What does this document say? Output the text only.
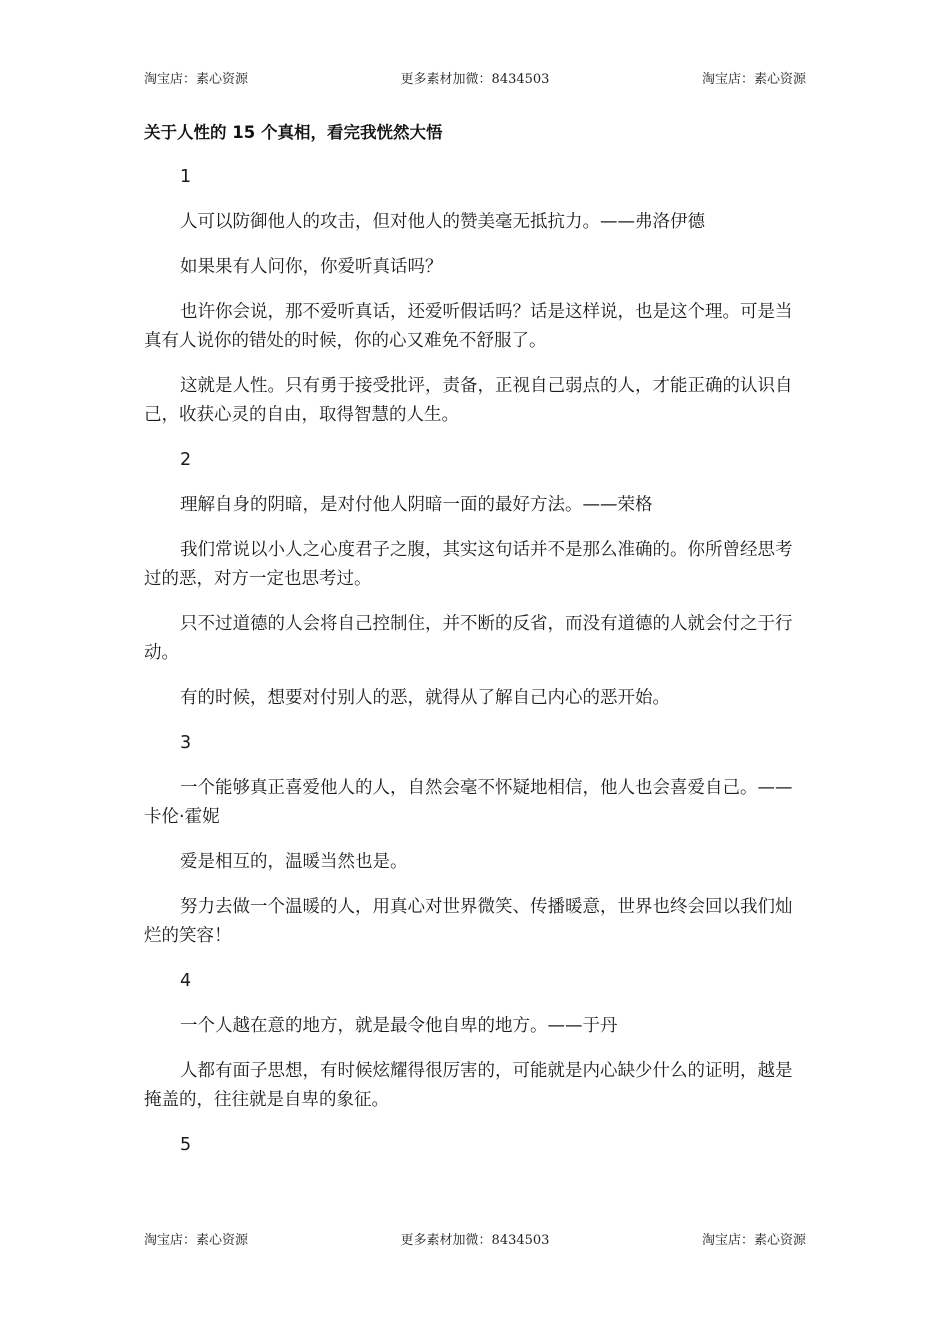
淘宝店：素心资源	更多素材加微：8434503	淘宝店：素心资源
关于人性的 15 个真相，看完我恍然大悟

1

人可以防御他人的攻击，但对他人的赞美毫无抵抗力。——弗洛伊德

如果果有人问你，你爱听真话吗？

也许你会说，那不爱听真话，还爱听假话吗？话是这样说，也是这个理。可是当真有人说你的错处的时候，你的心又难免不舒服了。

这就是人性。只有勇于接受批评，责备，正视自己弱点的人，才能正确的认识自己，收获心灵的自由，取得智慧的人生。

2

理解自身的阴暗，是对付他人阴暗一面的最好方法。——荣格

我们常说以小人之心度君子之腹，其实这句话并不是那么准确的。你所曾经思考过的恶，对方一定也思考过。

只不过道德的人会将自己控制住，并不断的反省，而没有道德的人就会付之于行动。

有的时候，想要对付别人的恶，就得从了解自己内心的恶开始。

3

一个能够真正喜爱他人的人，自然会毫不怀疑地相信，他人也会喜爱自己。——卡伦·霍妮

爱是相互的，温暖当然也是。

努力去做一个温暖的人，用真心对世界微笑、传播暖意，世界也终会回以我们灿烂的笑容！

4

一个人越在意的地方，就是最令他自卑的地方。——于丹

人都有面子思想，有时候炫耀得很厉害的，可能就是内心缺少什么的证明，越是掩盖的，往往就是自卑的象征。

5

淘宝店：素心资源	更多素材加微：8434503	淘宝店：素心资源
